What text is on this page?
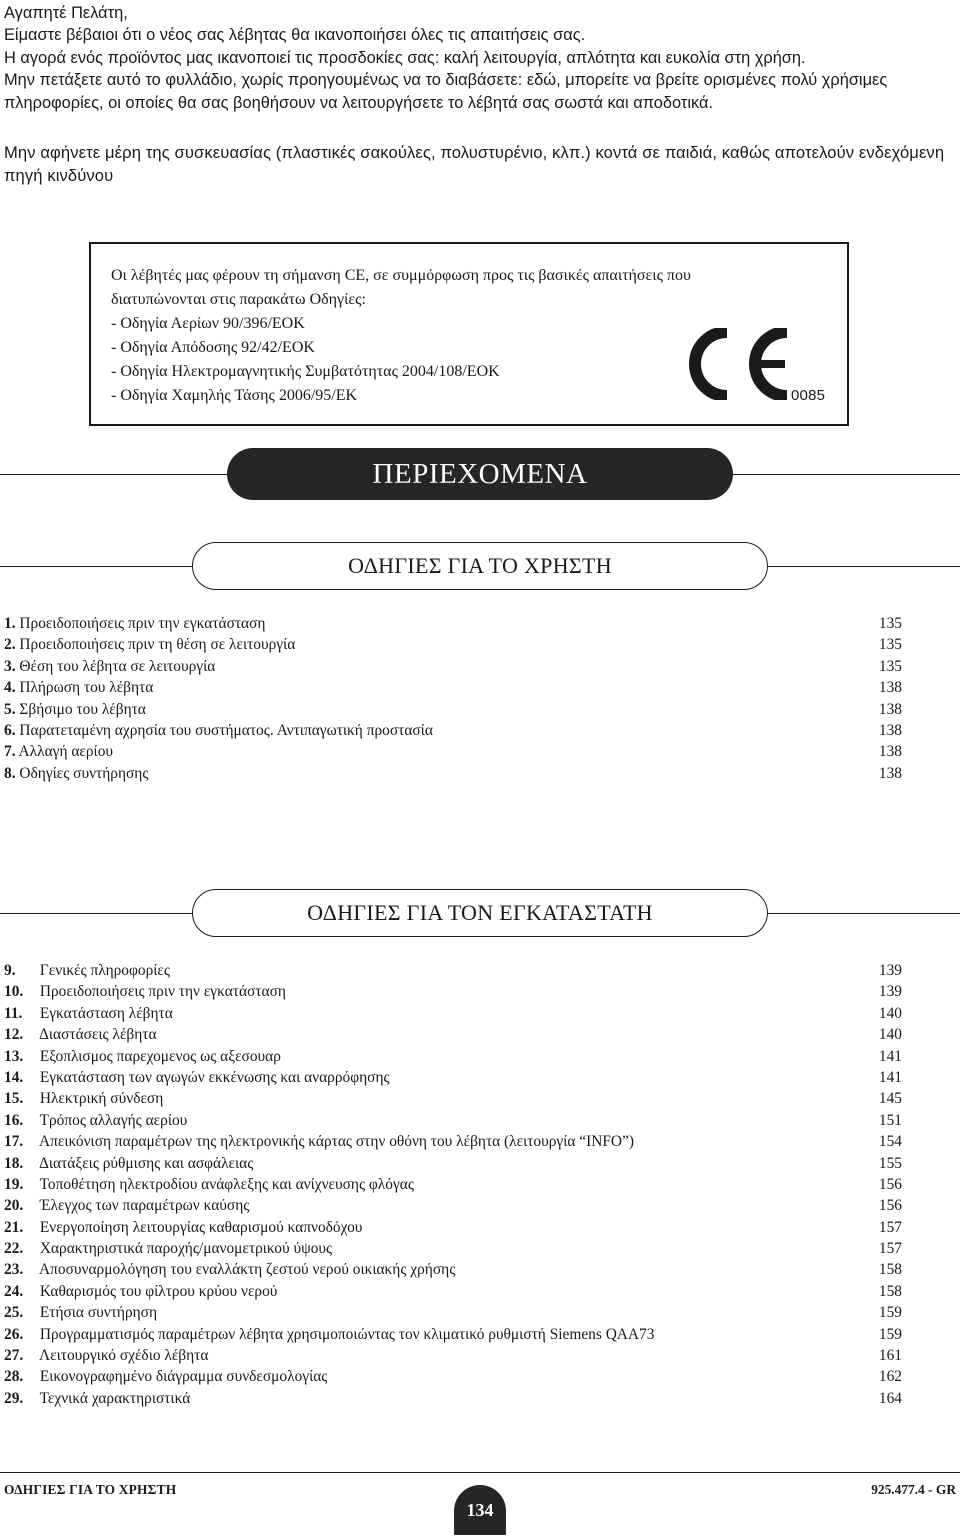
Αγαπητέ Πελάτη,

Είμαστε βέβαιοι ότι ο νέος σας λέβητας θα ικανοποιήσει όλες τις απαιτήσεις σας.

Η αγορά ενός προϊόντος μας ικανοποιεί τις προσδοκίες σας: καλή λειτουργία, απλότητα και ευκολία στη χρήση.

Μην πετάξετε αυτό το φυλλάδιο, χωρίς προηγουμένως να το διαβάσετε: εδώ, μπορείτε να βρείτε ορισμένες πολύ χρήσιμες πληροφορίες, οι οποίες θα σας βοηθήσουν να λειτουργήσετε το λέβητά σας σωστά και αποδοτικά.

Μην αφήνετε μέρη της συσκευασίας (πλαστικές σακούλες, πολυστυρένιο, κλπ.) κοντά σε παιδιά, καθώς αποτελούν ενδεχόμενη πηγή κινδύνου
Οι λέβητές μας φέρουν τη σήμανση CE, σε συμμόρφωση προς τις βασικές απαιτήσεις που
διατυπώνονται στις παρακάτω Οδηγίες:
- Οδηγία Αερίων 90/396/ΕΟΚ
- Οδηγία Απόδοσης 92/42/ΕΟΚ
- Οδηγία Ηλεκτρομαγνητικής Συμβατότητας 2004/108/ΕΟΚ
- Οδηγία Χαμηλής Τάσης 2006/95/ΕΚ	0085
ΠΕΡΙΕΧΟΜΕΝΑ
ΟΔΗΓΙΕΣ ΓΙΑ ΤΟ ΧΡΗΣΤΗ
1. Προειδοποιήσεις πριν την εγκατάσταση	135
2. Προειδοποιήσεις πριν τη θέση σε λειτουργία	135
3. Θέση του λέβητα σε λειτουργία	135
4. Πλήρωση του λέβητα	138
5. Σβήσιμο του λέβητα	138
6. Παρατεταμένη αχρησία του συστήματος. Αντιπαγωτική προστασία	138
7. Αλλαγή αερίου	138
8. Οδηγίες συντήρησης	138
ΟΔΗΓΙΕΣ ΓΙΑ ΤΟΝ ΕΓΚΑΤΑΣΤΑΤΗ
9. Γενικές πληροφορίες	139
10. Προειδοποιήσεις πριν την εγκατάσταση	139
11. Εγκατάσταση λέβητα	140
12. Διαστάσεις λέβητα	140
13. Εξοπλισμος παρεχομενος ως αξεσουαρ	141
14. Εγκατάσταση των αγωγών εκκένωσης και αναρρόφησης	141
15. Ηλεκτρική σύνδεση	145
16. Τρόπος αλλαγής αερίου	151
17. Απεικόνιση παραμέτρων της ηλεκτρονικής κάρτας στην οθόνη του λέβητα (λειτουργία “INFO”)	154
18. Διατάξεις ρύθμισης και ασφάλειας	155
19. Τοποθέτηση ηλεκτροδίου ανάφλεξης και ανίχνευσης φλόγας	156
20. Έλεγχος των παραμέτρων καύσης	156
21. Ενεργοποίηση λειτουργίας καθαρισμού καπνοδόχου	157
22. Χαρακτηριστικά παροχής/μανομετρικού ύψους	157
23. Αποσυναρμολόγηση του εναλλάκτη ζεστού νερού οικιακής χρήσης	158
24. Καθαρισμός του φίλτρου κρύου νερού	158
25. Ετήσια συντήρηση	159
26. Προγραμματισμός παραμέτρων λέβητα χρησιμοποιώντας τον κλιματικό ρυθμιστή Siemens QAA73	159
27. Λειτουργικό σχέδιο λέβητα	161
28. Εικονογραφημένο διάγραμμα συνδεσμολογίας	162
29. Τεχνικά χαρακτηριστικά	164
ΟΔΗΓΙΕΣ ΓΙΑ ΤΟ ΧΡΗΣΤΗ
134
925.477.4 - GR
